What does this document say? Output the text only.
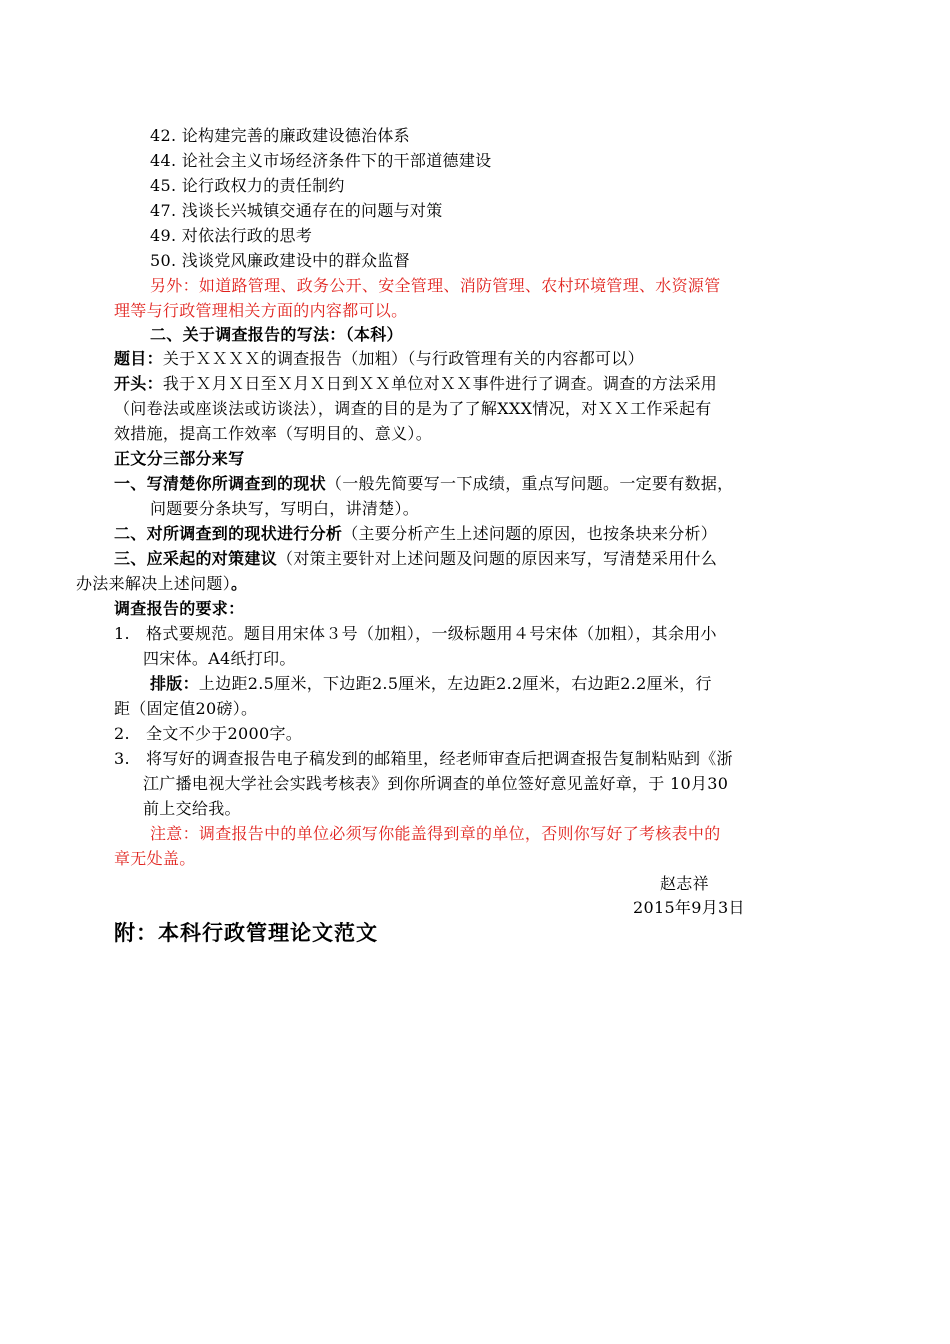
42. 论构建完善的廉政建设德治体系
44. 论社会主义市场经济条件下的干部道德建设
45. 论行政权力的责任制约
47. 浅谈长兴城镇交通存在的问题与对策
49. 对依法行政的思考
50. 浅谈党风廉政建设中的群众监督
另外：如道路管理、政务公开、安全管理、消防管理、农村环境管理、水资源管
理等与行政管理相关方面的内容都可以。
二、关于调查报告的写法：（本科）
题目：关于ＸＸＸＸ的调查报告（加粗）（与行政管理有关的内容都可以）
开头：我于Ｘ月Ｘ日至Ｘ月Ｘ日到ＸＸ单位对ＸＸ事件进行了调查。调查的方法采用
（问卷法或座谈法或访谈法），调查的目的是为了了解XXX情况，对ＸＸ工作采起有
效措施，提高工作效率（写明目的、意义）。
正文分三部分来写
一、写清楚你所调查到的现状（一般先简要写一下成绩，重点写问题。一定要有数据，
问题要分条块写，写明白，讲清楚）。
二、对所调查到的现状进行分析（主要分析产生上述问题的原因，也按条块来分析）
三、应采起的对策建议（对策主要针对上述问题及问题的原因来写，写清楚采用什么
办法来解决上述问题）。
调查报告的要求：
1. 格式要规范。题目用宋体３号（加粗），一级标题用４号宋体（加粗），其余用小
四宋体。A4纸打印。
排版：上边距2.5厘米，下边距2.5厘米，左边距2.2厘米，右边距2.2厘米，行
距（固定值20磅）。
2. 全文不少于2000字。
3. 将写好的调查报告电子稿发到的邮箱里，经老师审查后把调查报告复制粘贴到《浙
江广播电视大学社会实践考核表》到你所调查的单位签好意见盖好章，于 10月30
前上交给我。
注意：调查报告中的单位必须写你能盖得到章的单位，否则你写好了考核表中的
章无处盖。
赵志祥
2015年9月3日
附：本科行政管理论文范文
